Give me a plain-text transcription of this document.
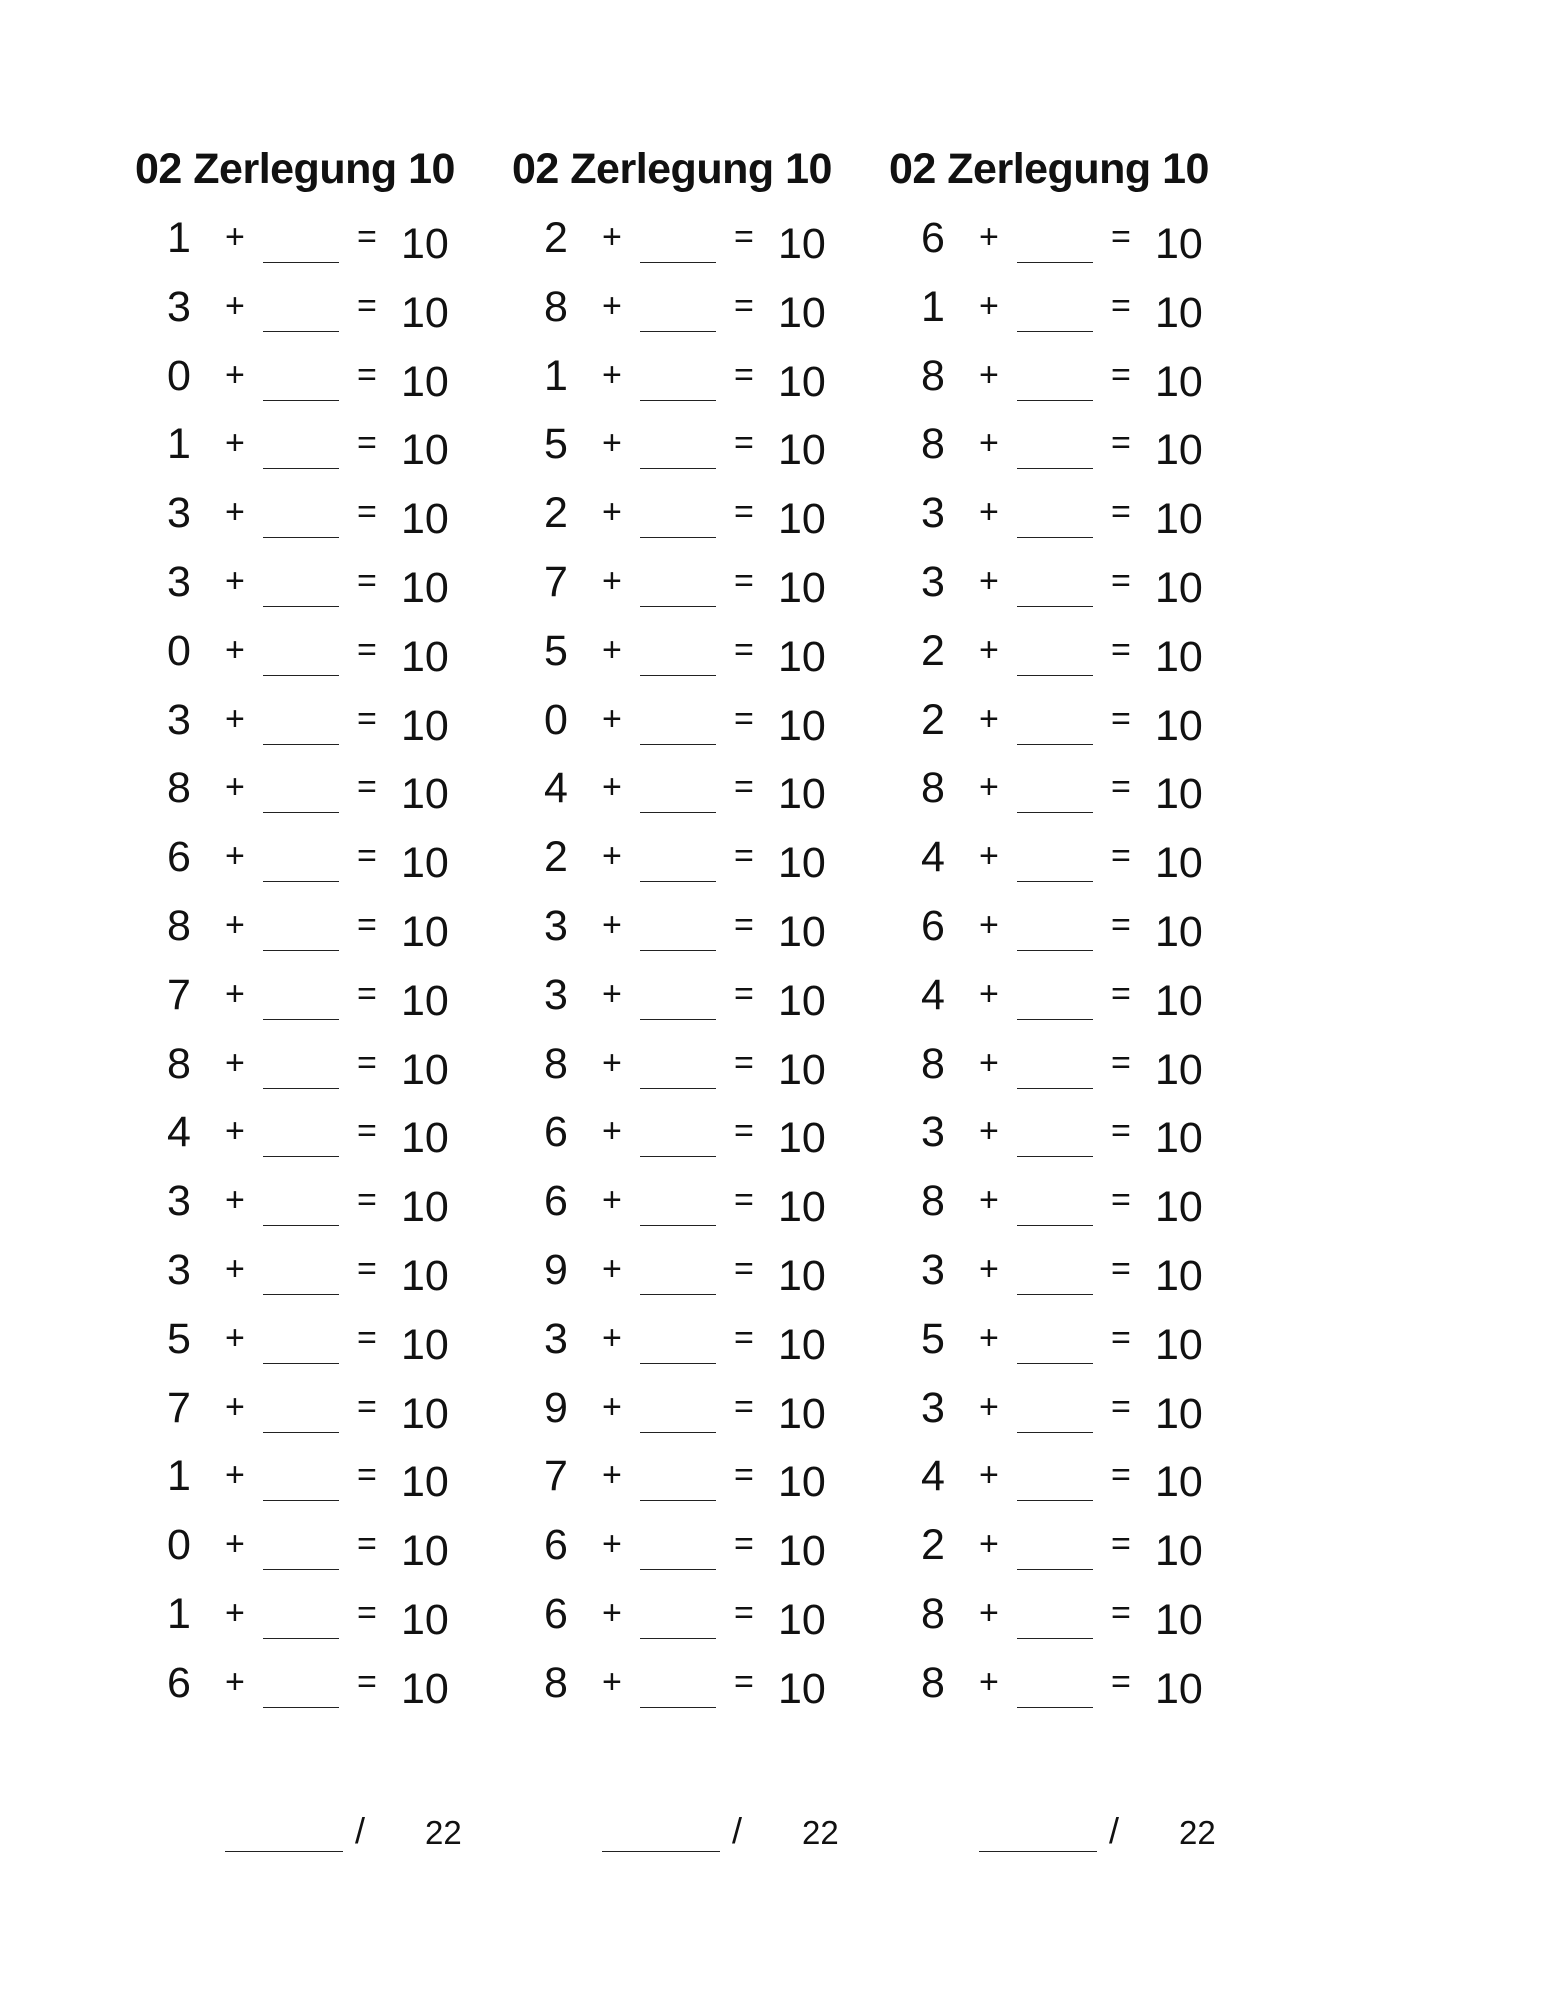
02 Zerlegung 10
1 +	= 10
3 +	= 10
0 +	= 10
1 +	= 10
3 +	= 10
3 +	= 10
0 +	= 10
3 +	= 10
8 +	= 10
6 +	= 10
8 +	= 10
7 +	= 10
8 +	= 10
4 +	= 10
3 +	= 10
3 +	= 10
5 +	= 10
7 +	= 10
1 +	= 10
0 +	= 10
1 +	= 10
6 +	= 10
/ 22
02 Zerlegung 10
2 +	= 10
8 +	= 10
1 +	= 10
5 +	= 10
2 +	= 10
7 +	= 10
5 +	= 10
0 +	= 10
4 +	= 10
2 +	= 10
3 +	= 10
3 +	= 10
8 +	= 10
6 +	= 10
6 +	= 10
9 +	= 10
3 +	= 10
9 +	= 10
7 +	= 10
6 +	= 10
6 +	= 10
8 +	= 10
/ 22
02 Zerlegung 10
6 +	= 10
1 +	= 10
8 +	= 10
8 +	= 10
3 +	= 10
3 +	= 10
2 +	= 10
2 +	= 10
8 +	= 10
4 +	= 10
6 +	= 10
4 +	= 10
8 +	= 10
3 +	= 10
8 +	= 10
3 +	= 10
5 +	= 10
3 +	= 10
4 +	= 10
2 +	= 10
8 +	= 10
8 +	= 10
/ 22
